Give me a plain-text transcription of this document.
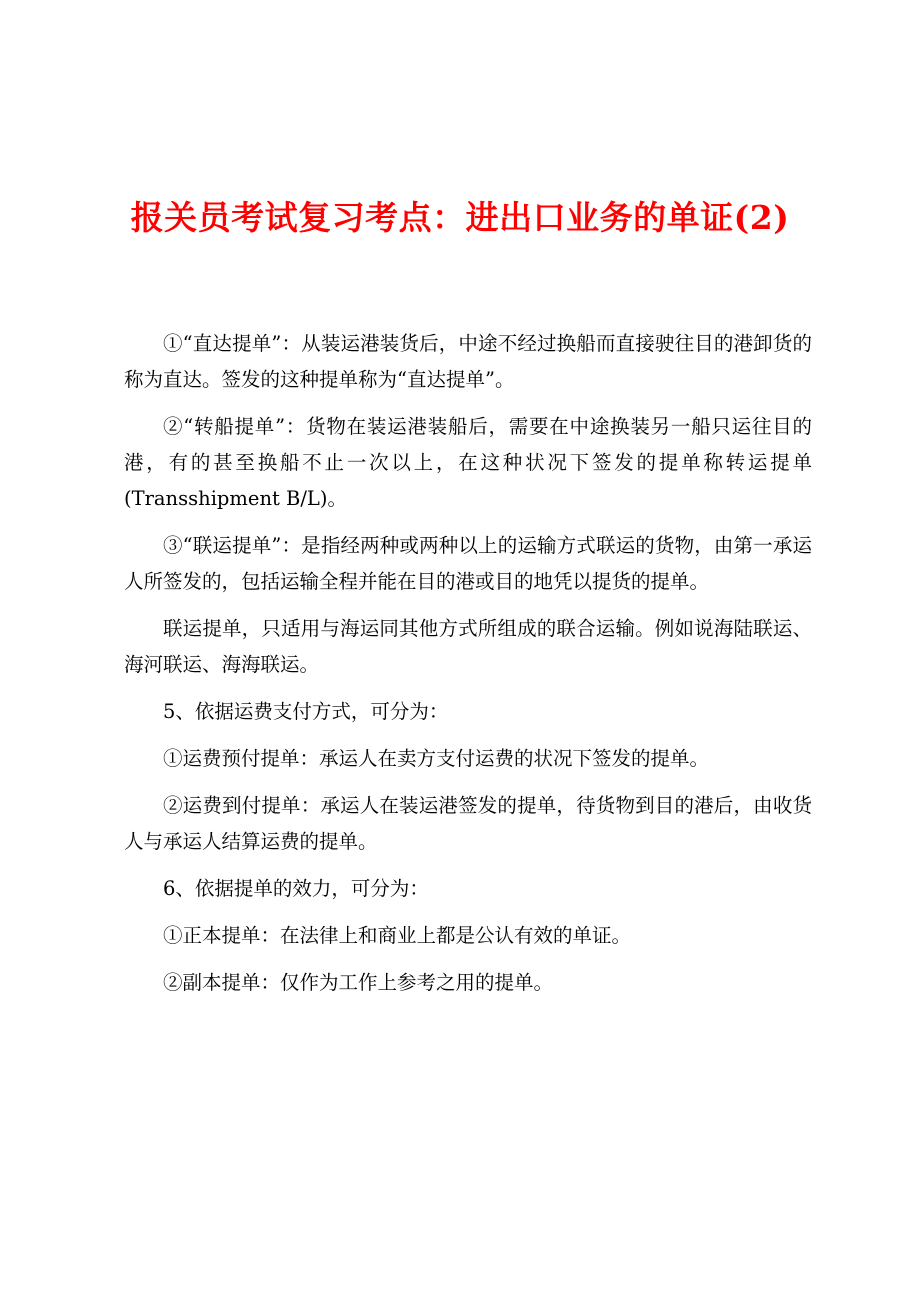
报关员考试复习考点：进出口业务的单证(2)

①“直达提单”：从装运港装货后，中途不经过换船而直接驶往目的港卸货的称为直达。签发的这种提单称为“直达提单”。

②“转船提单”：货物在装运港装船后，需要在中途换装另一船只运往目的港，有的甚至换船不止一次以上，在这种状况下签发的提单称转运提单(Transshipment B/L)。

③“联运提单”：是指经两种或两种以上的运输方式联运的货物，由第一承运人所签发的，包括运输全程并能在目的港或目的地凭以提货的提单。

联运提单，只适用与海运同其他方式所组成的联合运输。例如说海陆联运、海河联运、海海联运。

5、依据运费支付方式，可分为：

①运费预付提单：承运人在卖方支付运费的状况下签发的提单。

②运费到付提单：承运人在装运港签发的提单，待货物到目的港后，由收货人与承运人结算运费的提单。

6、依据提单的效力，可分为：

①正本提单：在法律上和商业上都是公认有效的单证。

②副本提单：仅作为工作上参考之用的提单。
